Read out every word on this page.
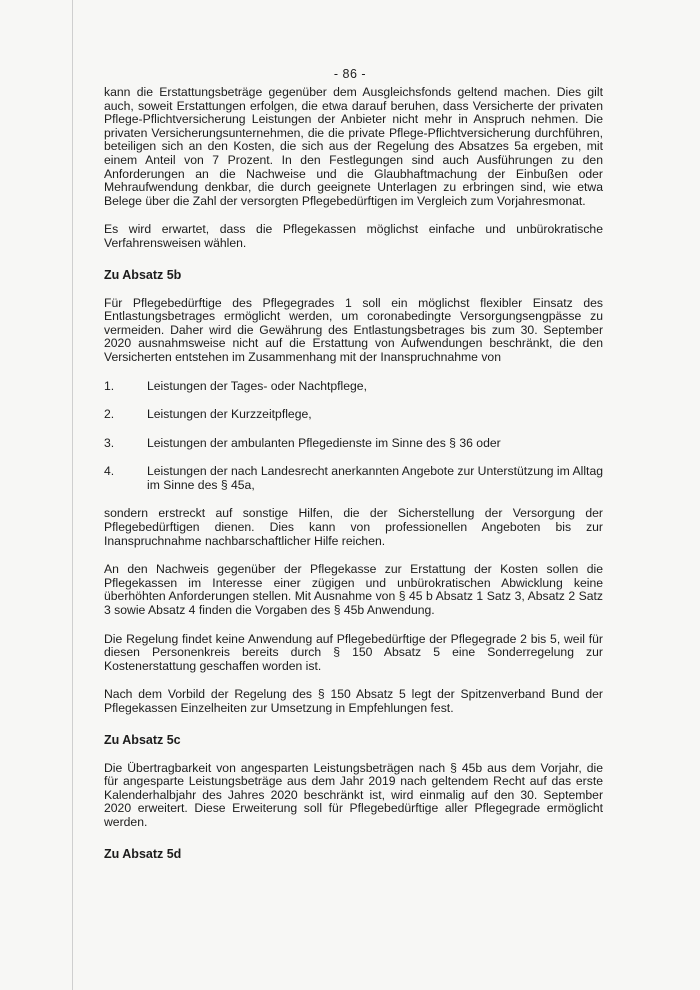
- 86 -

kann die Erstattungsbeträge gegenüber dem Ausgleichsfonds geltend machen. Dies gilt auch, soweit Erstattungen erfolgen, die etwa darauf beruhen, dass Versicherte der privaten Pflege-Pflichtversicherung Leistungen der Anbieter nicht mehr in Anspruch nehmen. Die privaten Versicherungsunternehmen, die die private Pflege-Pflichtversicherung durchführen, beteiligen sich an den Kosten, die sich aus der Regelung des Absatzes 5a ergeben, mit einem Anteil von 7 Prozent. In den Festlegungen sind auch Ausführungen zu den Anforderungen an die Nachweise und die Glaubhaftmachung der Einbußen oder Mehraufwendung denkbar, die durch geeignete Unterlagen zu erbringen sind, wie etwa Belege über die Zahl der versorgten Pflegebedürftigen im Vergleich zum Vorjahresmonat.

Es wird erwartet, dass die Pflegekassen möglichst einfache und unbürokratische Verfahrensweisen wählen.

Zu Absatz 5b

Für Pflegebedürftige des Pflegegrades 1 soll ein möglichst flexibler Einsatz des Entlastungsbetrages ermöglicht werden, um coronabedingte Versorgungsengpässe zu vermeiden. Daher wird die Gewährung des Entlastungsbetrages bis zum 30. September 2020 ausnahmsweise nicht auf die Erstattung von Aufwendungen beschränkt, die den Versicherten entstehen im Zusammenhang mit der Inanspruchnahme von

1.	Leistungen der Tages- oder Nachtpflege,
2.	Leistungen der Kurzzeitpflege,
3.	Leistungen der ambulanten Pflegedienste im Sinne des § 36 oder
4.	Leistungen der nach Landesrecht anerkannten Angebote zur Unterstützung im Alltag im Sinne des § 45a,

sondern erstreckt auf sonstige Hilfen, die der Sicherstellung der Versorgung der Pflegebedürftigen dienen. Dies kann von professionellen Angeboten bis zur Inanspruchnahme nachbarschaftlicher Hilfe reichen.

An den Nachweis gegenüber der Pflegekasse zur Erstattung der Kosten sollen die Pflegekassen im Interesse einer zügigen und unbürokratischen Abwicklung keine überhöhten Anforderungen stellen. Mit Ausnahme von § 45 b Absatz 1 Satz 3, Absatz 2 Satz 3 sowie Absatz 4 finden die Vorgaben des § 45b Anwendung.

Die Regelung findet keine Anwendung auf Pflegebedürftige der Pflegegrade 2 bis 5, weil für diesen Personenkreis bereits durch § 150 Absatz 5 eine Sonderregelung zur Kostenerstattung geschaffen worden ist.

Nach dem Vorbild der Regelung des § 150 Absatz 5 legt der Spitzenverband Bund der Pflegekassen Einzelheiten zur Umsetzung in Empfehlungen fest.

Zu Absatz 5c

Die Übertragbarkeit von angesparten Leistungsbeträgen nach § 45b aus dem Vorjahr, die für angesparte Leistungsbeträge aus dem Jahr 2019 nach geltendem Recht auf das erste Kalenderhalbjahr des Jahres 2020 beschränkt ist, wird einmalig auf den 30. September 2020 erweitert. Diese Erweiterung soll für Pflegebedürftige aller Pflegegrade ermöglicht werden.

Zu Absatz 5d
